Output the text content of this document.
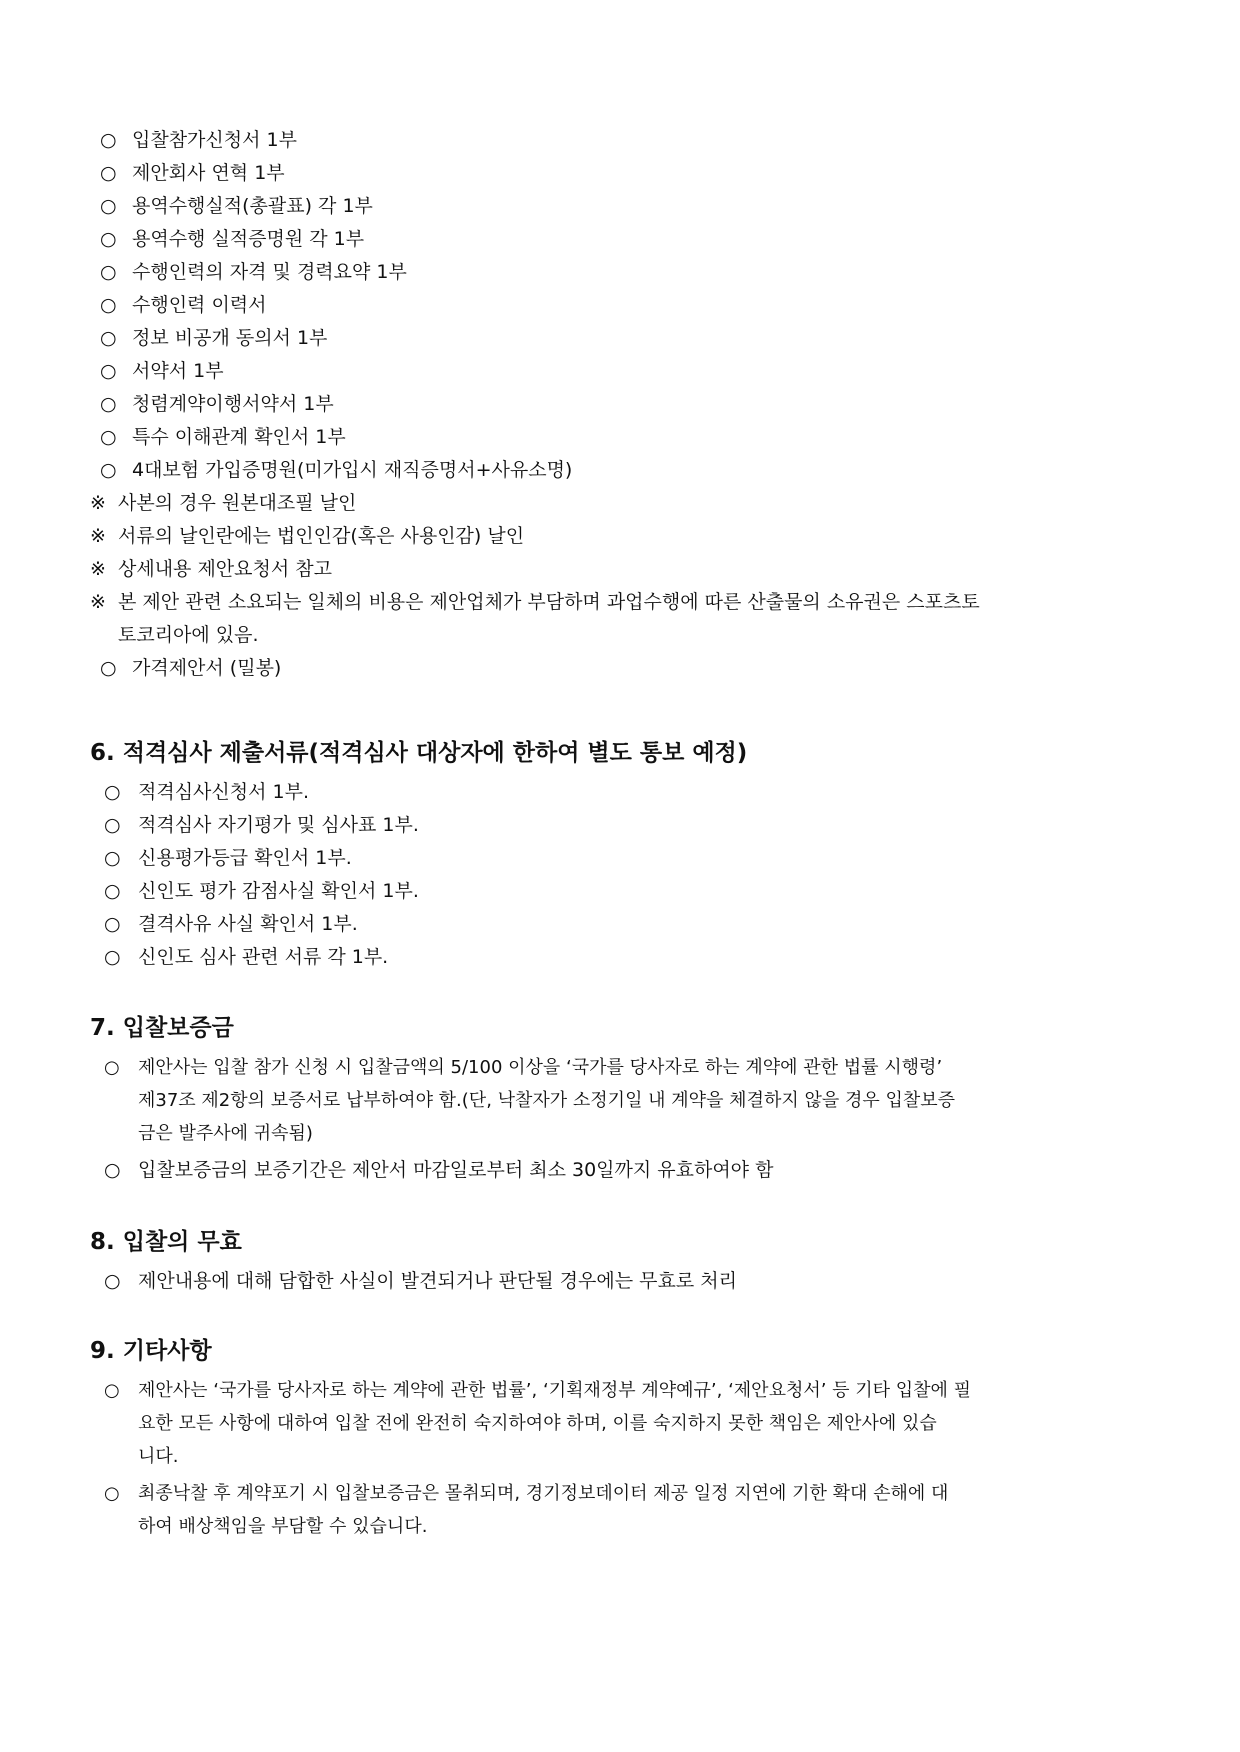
○ 입찰참가신청서 1부
○ 제안회사 연혁 1부
○ 용역수행실적(총괄표) 각 1부
○ 용역수행 실적증명원 각 1부
○ 수행인력의 자격 및 경력요약 1부
○ 수행인력 이력서
○ 정보 비공개 동의서 1부
○ 서약서 1부
○ 청렴계약이행서약서 1부
○ 특수 이해관계 확인서 1부
○ 4대보험 가입증명원(미가입시 재직증명서+사유소명)
※ 사본의 경우 원본대조필 날인
※ 서류의 날인란에는 법인인감(혹은 사용인감) 날인
※ 상세내용 제안요청서 참고
※ 본 제안 관련 소요되는 일체의 비용은 제안업체가 부담하며 과업수행에 따른 산출물의 소유권은 스포츠토
토코리아에 있음.
○ 가격제안서 (밀봉)
6. 적격심사 제출서류(적격심사 대상자에 한하여 별도 통보 예정)
○ 적격심사신청서 1부.
○ 적격심사 자기평가 및 심사표 1부.
○ 신용평가등급 확인서 1부.
○ 신인도 평가 감점사실 확인서 1부.
○ 결격사유 사실 확인서 1부.
○ 신인도 심사 관련 서류 각 1부.
7. 입찰보증금
○ 제안사는 입찰 참가 신청 시 입찰금액의 5/100 이상을 ‘국가를 당사자로 하는 계약에 관한 법률 시행령’
제37조 제2항의 보증서로 납부하여야 함.(단, 낙찰자가 소정기일 내 계약을 체결하지 않을 경우 입찰보증
금은 발주사에 귀속됨)
○ 입찰보증금의 보증기간은 제안서 마감일로부터 최소 30일까지 유효하여야 함
8. 입찰의 무효
○ 제안내용에 대해 담합한 사실이 발견되거나 판단될 경우에는 무효로 처리
9. 기타사항
○ 제안사는 ‘국가를 당사자로 하는 계약에 관한 법률’, ‘기획재정부 계약예규’, ‘제안요청서’ 등 기타 입찰에 필
요한 모든 사항에 대하여 입찰 전에 완전히 숙지하여야 하며, 이를 숙지하지 못한 책임은 제안사에 있습
니다.
○ 최종낙찰 후 계약포기 시 입찰보증금은 몰취되며, 경기정보데이터 제공 일정 지연에 기한 확대 손해에 대
하여 배상책임을 부담할 수 있습니다.
